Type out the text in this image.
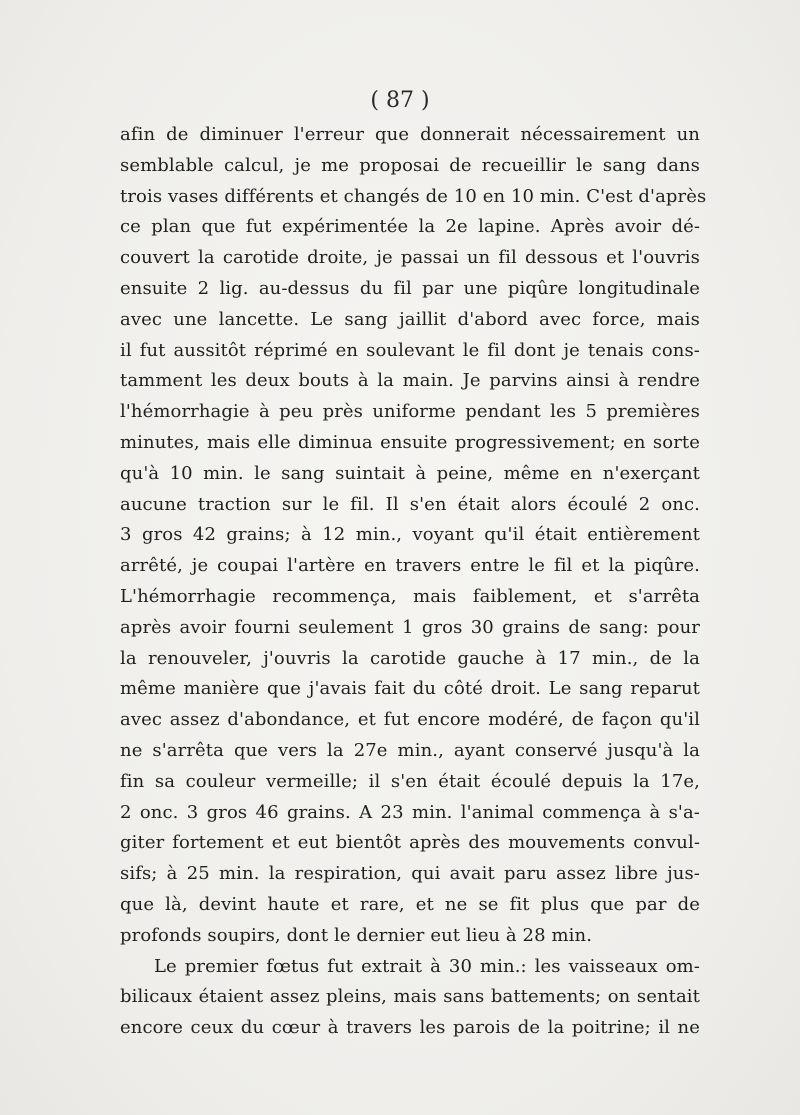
( 87 )
afin de diminuer l'erreur que donnerait nécessairement un
semblable calcul, je me proposai de recueillir le sang dans
trois vases différents et changés de 10 en 10 min. C'est d'après
ce plan que fut expérimentée la 2e lapine. Après avoir dé-
couvert la carotide droite, je passai un fil dessous et l'ouvris
ensuite 2 lig. au-dessus du fil par une piqûre longitudinale
avec une lancette. Le sang jaillit d'abord avec force, mais
il fut aussitôt réprimé en soulevant le fil dont je tenais cons-
tamment les deux bouts à la main. Je parvins ainsi à rendre
l'hémorrhagie à peu près uniforme pendant les 5 premières
minutes, mais elle diminua ensuite progressivement; en sorte
qu'à 10 min. le sang suintait à peine, même en n'exerçant
aucune traction sur le fil. Il s'en était alors écoulé 2 onc.
3 gros 42 grains; à 12 min., voyant qu'il était entièrement
arrêté, je coupai l'artère en travers entre le fil et la piqûre.
L'hémorrhagie recommença, mais faiblement, et s'arrêta
après avoir fourni seulement 1 gros 30 grains de sang: pour
la renouveler, j'ouvris la carotide gauche à 17 min., de la
même manière que j'avais fait du côté droit. Le sang reparut
avec assez d'abondance, et fut encore modéré, de façon qu'il
ne s'arrêta que vers la 27e min., ayant conservé jusqu'à la
fin sa couleur vermeille; il s'en était écoulé depuis la 17e,
2 onc. 3 gros 46 grains. A 23 min. l'animal commença à s'a-
giter fortement et eut bientôt après des mouvements convul-
sifs; à 25 min. la respiration, qui avait paru assez libre jus-
que là, devint haute et rare, et ne se fit plus que par de
profonds soupirs, dont le dernier eut lieu à 28 min.
Le premier fœtus fut extrait à 30 min.: les vaisseaux om-
bilicaux étaient assez pleins, mais sans battements; on sentait
encore ceux du cœur à travers les parois de la poitrine; il ne
